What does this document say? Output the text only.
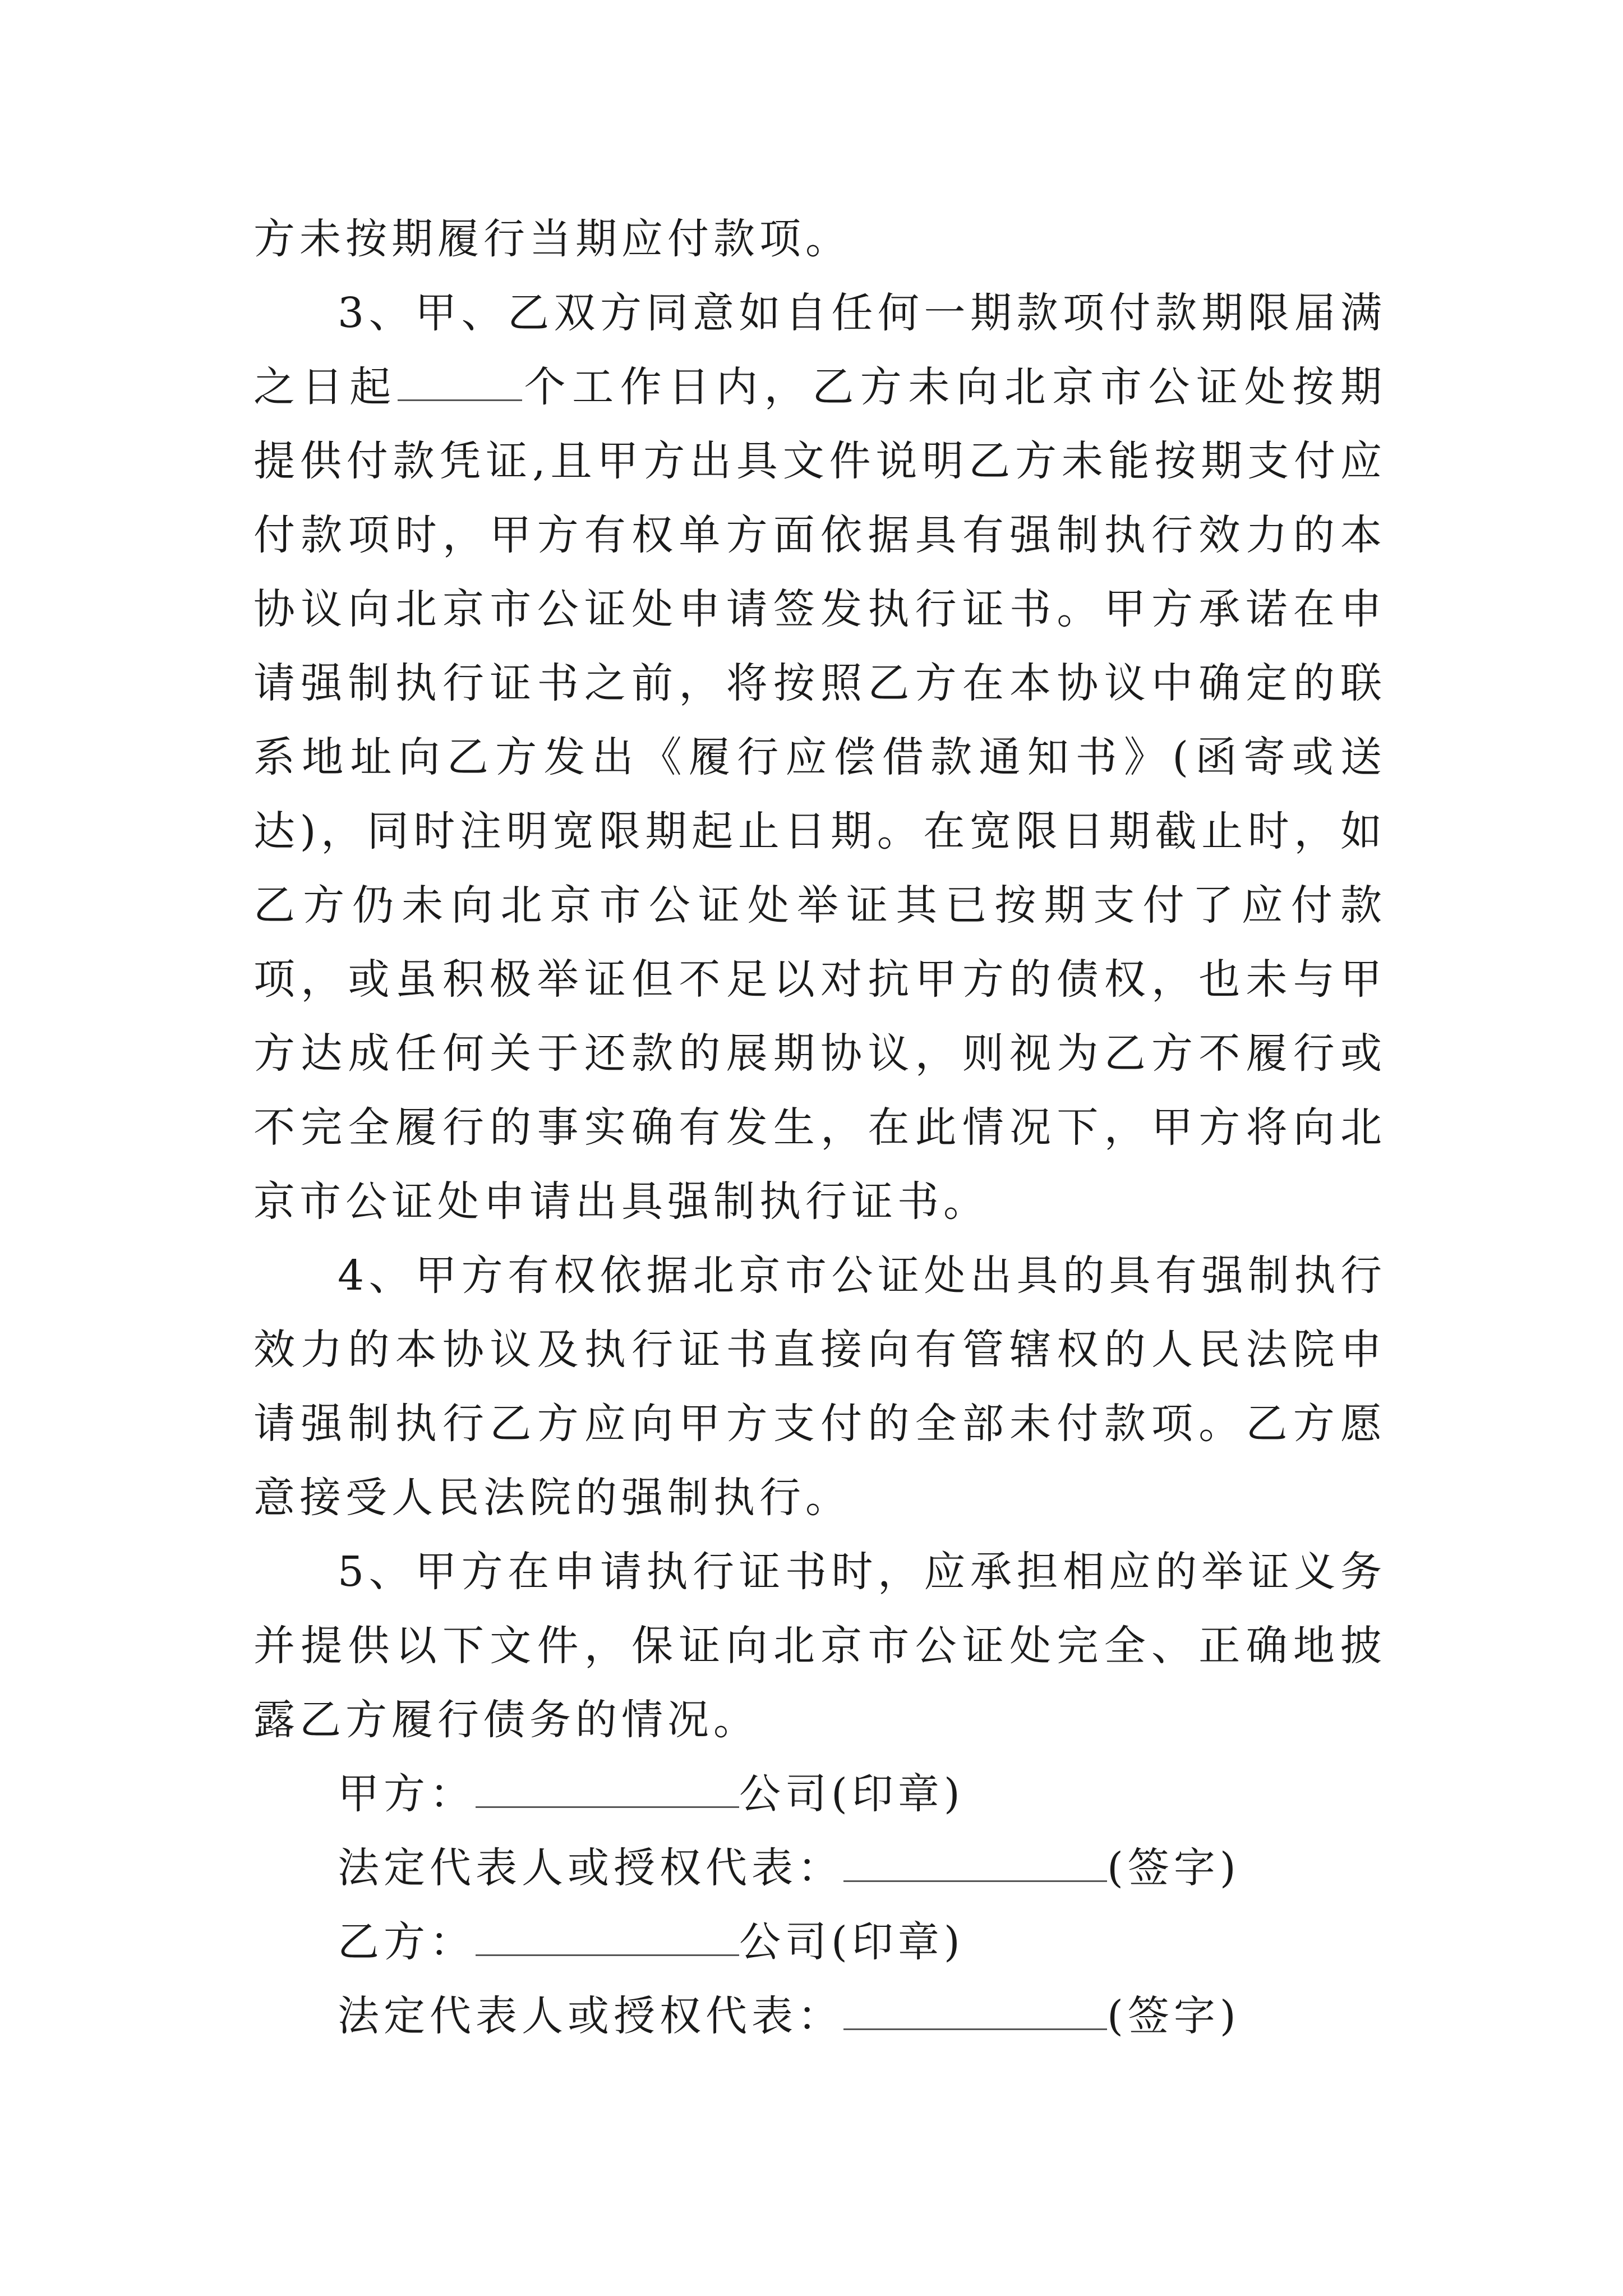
方未按期履行当期应付款项。

3、甲、乙双方同意如自任何一期款项付款期限届满之日起	个工作日内，乙方未向北京市公证处按期提供付款凭证,且甲方出具文件说明乙方未能按期支付应付款项时，甲方有权单方面依据具有强制执行效力的本协议向北京市公证处申请签发执行证书。甲方承诺在申请强制执行证书之前，将按照乙方在本协议中确定的联系地址向乙方发出《履行应偿借款通知书》(函寄或送达)，同时注明宽限期起止日期。在宽限日期截止时，如乙方仍未向北京市公证处举证其已按期支付了应付款项，或虽积极举证但不足以对抗甲方的债权，也未与甲方达成任何关于还款的展期协议，则视为乙方不履行或不完全履行的事实确有发生，在此情况下，甲方将向北京市公证处申请出具强制执行证书。

4、甲方有权依据北京市公证处出具的具有强制执行效力的本协议及执行证书直接向有管辖权的人民法院申请强制执行乙方应向甲方支付的全部未付款项。乙方愿意接受人民法院的强制执行。

5、甲方在申请执行证书时，应承担相应的举证义务并提供以下文件，保证向北京市公证处完全、正确地披露乙方履行债务的情况。

甲方：	公司(印章)

法定代表人或授权代表：	(签字)

乙方：	公司(印章)

法定代表人或授权代表：	(签字)
